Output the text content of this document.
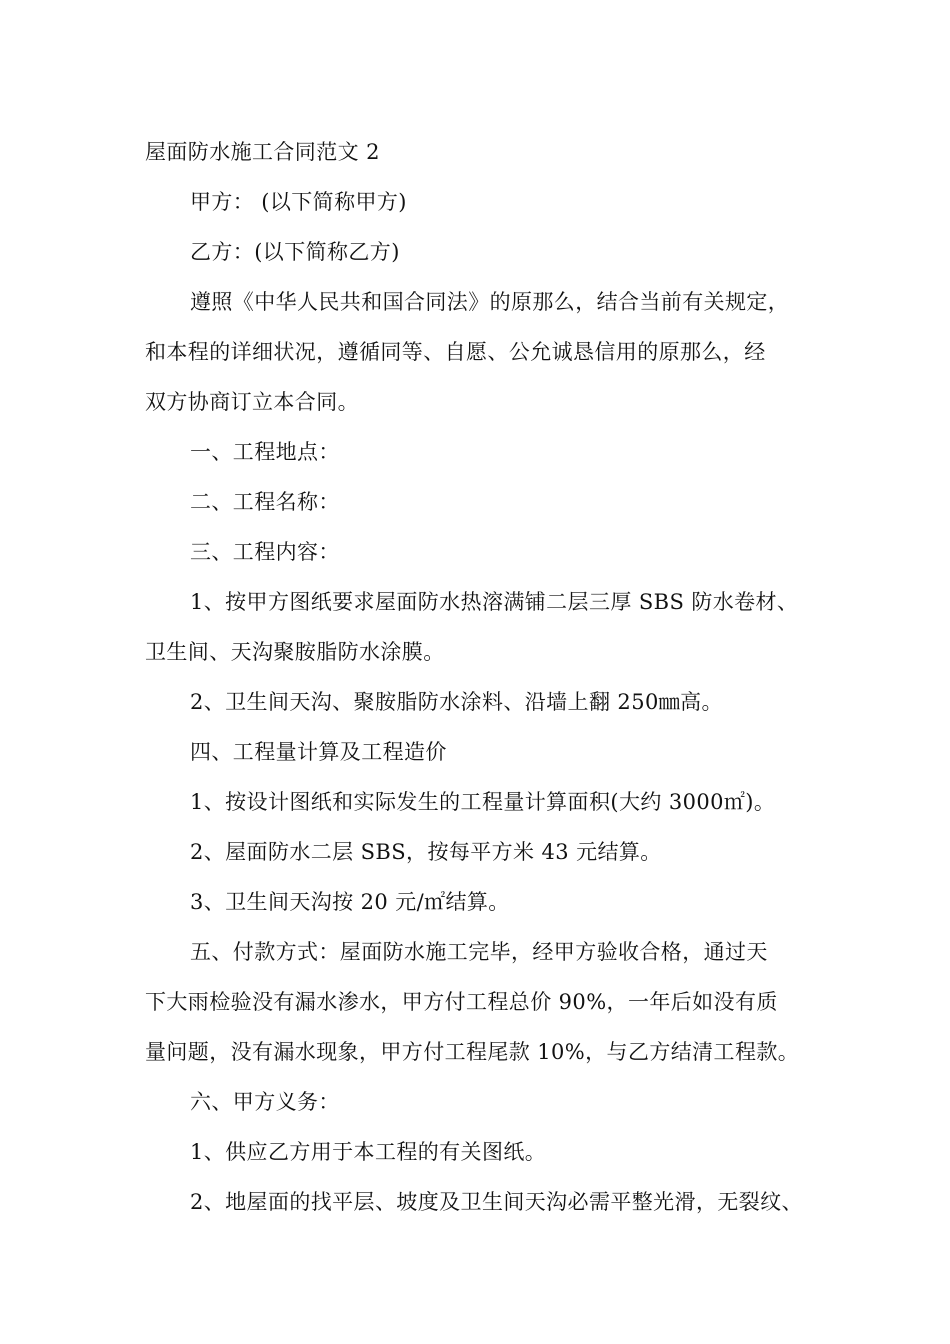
屋面防水施工合同范文 2
甲方： (以下简称甲方)
乙方：(以下简称乙方)
遵照《中华人民共和国合同法》的原那么，结合当前有关规定，
和本程的详细状况，遵循同等、自愿、公允诚恳信用的原那么，经
双方协商订立本合同。
一、工程地点：
二、工程名称：
三、工程内容：
1、按甲方图纸要求屋面防水热溶满铺二层三厚 SBS 防水卷材、
卫生间、天沟聚胺脂防水涂膜。
2、卫生间天沟、聚胺脂防水涂料、沿墙上翻 250㎜高。
四、工程量计算及工程造价
1、按设计图纸和实际发生的工程量计算面积(大约 3000㎡)。
2、屋面防水二层 SBS，按每平方米 43 元结算。
3、卫生间天沟按 20 元/㎡结算。
五、付款方式：屋面防水施工完毕，经甲方验收合格，通过天
下大雨检验没有漏水渗水，甲方付工程总价 90%，一年后如没有质
量问题，没有漏水现象，甲方付工程尾款 10%，与乙方结清工程款。
六、甲方义务：
1、供应乙方用于本工程的有关图纸。
2、地屋面的找平层、坡度及卫生间天沟必需平整光滑，无裂纹、
